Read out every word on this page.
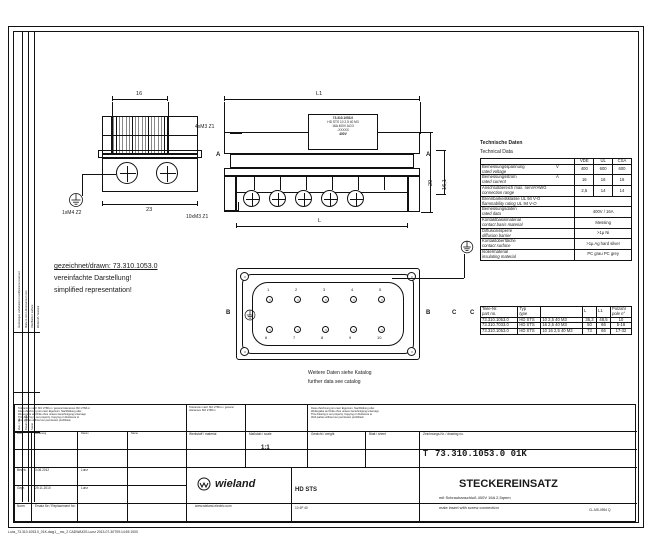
Änderungen vorbehalten / modifications reserved	Maße in mm / dimensions in mm	Oberfläche / surface	Werkstoff / material
Zust. / rev.	Datum / date	Name
16
23
1xM4 Z2
L1
29 16,1
L
4xM3 Z1
10xM3 Z1
73.310.1053.0
HD STS 10 2,5 40 M3
16A 400V AC/3
-XXXXX
400V
A	A
1	2	3	4	5
6	7	8	9	10
B	B	C C
gezeichnet/drawn: 73.310.1053.0
vereinfachte Darstellung!
simplified representation!
Weitere Daten siehe Katalog
further data see catalog
Technische Daten
Technical Data
	VDE	UL	CSA
Bemessungsspannung V
rated voltage	400	600	600
Bemessungsstrom A
rated current	16	16	16
Anschlußbereich max. nennº/AWG
connection range	2,5	14	14
Brennbarkeitsklasse UL 94 V-O
flammability rating UL 94 V-O			
Bemessungsdaten
rated data	400V / 16A		
Kontaktbasismaterial
contact basis material	Messing		
Diffusionssperre
diffusion barrier	>1µ Ni		
Kontaktoberfläche
contact surface	>1µ Ag hard silver		
Isoliermaterial
insulating material	PC grau PC grey		
Teile-Nr.
part no.	Typ
type		L	L1	Polzahl
pole n°
73.310.1053.0	HD STS	10 2,5 40 M3	36,3	48,5	10
73.310.7033.0	HD STS	16 2,5 40 M3	50	66	5-16
73.310.1053.0	HD STS	10 16 2,5 40 M3	73	66	17-32
Toleranzen nach ISO 2768-m / general tolerances ISO 2768-m
Diese Zeichnung ist unser Eigentum. Nachbildung oder
Weitergabe an Dritte ohne unsere Genehmigung untersagt.
This drawing is our property. Copying or disclosure to
third parties without our permission prohibited.
Zust.	Änderung	Datum	Name
Bearb.	3.08.2012	Lunz
Gepr.	29.11.2010	Lunz
Norm	Ersatz für / Replacement for:
Toleranzen nach ISO 2768-m / general tolerances ISO 2768-m
Diese Zeichnung ist unser Eigentum. Nachbildung oder
Weitergabe an Dritte ohne unsere Genehmigung untersagt.
This drawing is our property. Copying or disclosure to
third parties without our permission prohibited.
Werkstoff / material	Maßstab / scale
1:1
Gewicht / weight	Blatt / sheet	Zeichnungs-Nr. / drawing no.
T 73.310.1053.0 01K
wieland
www.wieland-electric.com
HD STS
10 4P 40
STECKEREINSATZ
mit Schraubanschluß 400V 16A 2,5qmm
male insert with screw connection	CL-MS-0594 Q
Lunz_73.310.1053.0_01K-dwg1__mc_2 CADWAIOS-Lunz 2013-07-30T09:14:55 1000
